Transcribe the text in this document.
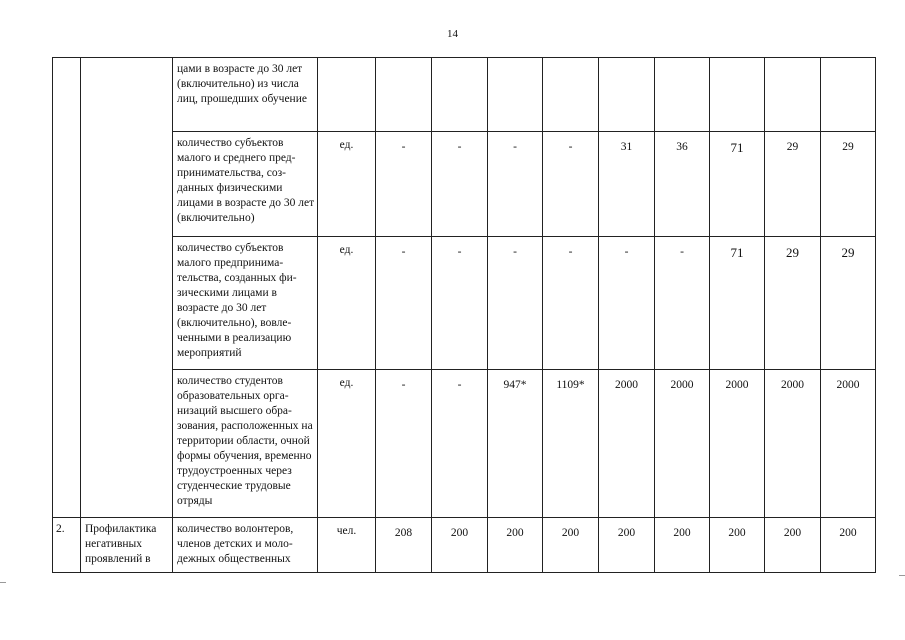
14
		цами в возрасте до 30 лет (включительно) из числа лиц, прошедших обучение										
		количество субъектов малого и среднего предпринимательства, созданных физическими лицами в возрасте до 30 лет (включительно)	ед.	-	-	-	-	31	36	71	29	29
		количество субъектов малого предпринимательства, созданных физическими лицами в возрасте до 30 лет (включительно), вовлеченными в реализацию мероприятий	ед.	-	-	-	-	-	-	71	29	29
		количество студентов образовательных организаций высшего образования, расположенных на территории области, очной формы обучения, временно трудоустроенных через студенческие трудовые отряды	ед.	-	-	947*	1109*	2000	2000	2000	2000	2000
2.	Профилактика негативных проявлений в	количество волонтеров, членов детских и молодежных общественных	чел.	208	200	200	200	200	200	200	200	200
